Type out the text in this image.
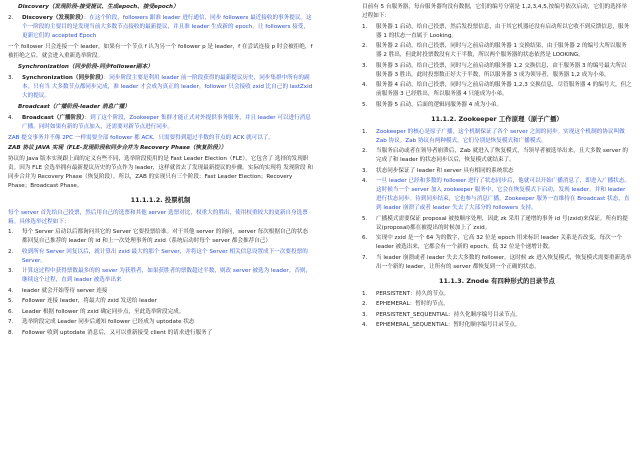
Discovery（发现阶段-接受提议、生成epoch、接受epoch）
2.	Discovery（发现阶段）：在这个阶段，followers 跟准 leader 进行通信，同步 followers 最近接收的事务提议。这个一阶段的主要目的是发现当前大多数节点接收的最新提议，并且准 leader 生成新的 epoch，让 followers 接受，更新它们的 accepted Epoch
一个 follower 只会连接一个 leader，如果有一个节点 f 认为另一个 follower p 是 leader，f 在尝试连接 p 时会被拒绝，f 被拒绝之后，就会进入重新选举阶段。
Synchronization（同步阶段-同步follower副本）
3.	Synchronization（同步阶段）：同步阶段主要是利用 leader 前一阶段获得的最新提议历史，同步集群中所有的副本。只有当 大多数节点都同步完成，准 leader 才会成为真正的 leader。follower 只会接收 zxid 比自己的 lastZxid 大的提议。
Broadcast（广播阶段-leader 消息广播）
4.	Broadcast（广播阶段）：到了这个阶段，Zookeeper 集群才能正式对外提供事务服务，并且 leader 可以进行消息广播。同时如果有新的节点加入，还需要对新节点进行同步。
ZAB 提交事务并不像 2PC 一样需要全部 follower 都 ACK，只需要得到超过半数的节点的 ACK 就可以了。
ZAB 协议 JAVA 实现（FLE-发现阶段和同步合并为 Recovery Phase（恢复阶段））
协议的 Java 版本实现跟上面的定义有些不同，选举阶段使用的是 Fast Leader Election（FLE），它包含了 选择的发现职责。因为 FLE 会选举拥有最新提议历史的节点作为 leader，这样就省去了发现最新提议的步骤。实际的实现将 发现阶段 和 同步合并为 Recovery Phase（恢复阶段）。所以，ZAB 的实现只有三个阶段：Fast Leader Election；Recovery Phase；Broadcast Phase。
11.1.1.2. 投票机制
每个 server 首先给自己投票，然后用自己的选票和其他 server 选票对比，权重大的胜出，使用权重较大的更新自身选票箱。具体选举过程如下：
1.	每个 Server 启动以后都询问其它的 Server 它要投票给谁。对于其他 server 的询问，server 每次根据自己的状态都回复自己推荐的 leader 的 id 和上一次处理事务的 zxid（系统启动时每个 server 都会推荐自己）
2.	收到所有 Server 回复以后，就计算出 zxid 最大的那个 Server，并将这个 Server 相关信息设置成下一次要投票的 Server。
3.	计算这过程中获得票数最多的的 sever 为获胜者，如果获胜者的票数超过半数，则改 server 被选为 leader。否则，继续这个过程，直到 leader 被选举出来
4.	leader 就会开始等待 server 连接
5.	Follower 连接 leader，将最大的 zxid 发送给 leader
6.	Leader 根据 follower 的 zxid 确定同步点，至此选举阶段完成。
7.	选举阶段完成 Leader 同步后通知 follower 已经成为 uptodate 状态
8.	Follower 收到 uptodate 消息后，又可以重新接受 client 的请求进行服务了
目前有 5 台服务器，每台服务器均没有数据，它们的编号分别是 1,2,3,4,5,按编号依次启动，它们的选择举过程如下：
1.	服务器 1 启动，给自己投票，然后发投票信息，由于其它机器还没有启动所以它收不到反馈信息，服务器 1 的状态一直属于 Looking。
2.	服务器 2 启动，给自己投票，同时与之前启动的服务器 1 交换结果，由于服务器 2 的编号大所以服务器 2 胜出，但此时投票数没有大于半数，所以两个服务器的状态依然是 LOOKING。
3.	服务器 3 启动，给自己投票，同时与之前启动的服务器 1,2 交换信息，由于服务器 3 的编号最大所以服务器 3 胜出，此时投票数正好大于半数，所以服务器 3 成为领导者，服务器 1,2 成为小弟。
4.	服务器 4 启动，给自己投票，同时与之前启动的服务器 1,2,3 交换信息，尽管服务器 4 的编号大，但之前服务器 3 已经胜出，所以服务器 4 只能成为小弟。
5.	服务器 5 启动，后面的逻辑同服务器 4 成为小弟。
11.1.2. Zookeeper 工作原理（原子广播）
1.	Zookeeper 的核心是原子广播，这个机制保证了各个 server 之间的同步。实现这个机制的协议叫做 Zab 协议。Zab 协议有两种模式，它们分别是恢复模式和广播模式。
2.	当服务启动或者在领导者崩溃后，Zab 就进入了恢复模式，当领导者被选举出来，且大多数 server 的完成了和 leader 的状态同步以后，恢复模式就结束了。
3.	状态同步保证了 leader 和 server 具有相同的系统状态
4.	一旦 leader 已经和多数的 follower 进行了状态同步后，他就可以开始广播消息了，即进入广播状态。这时候当一个 server 加入 zookeeper 服务中，它会在恢复模式下启动，发现 leader，并和 leader 进行状态同步。待到同步结束，它也参与消息广播。Zookeeper 服务一直维持在 Broadcast 状态，直到 leader 崩溃了或者 leader 失去了大部分的 followers 支持。
5.	广播模式需要保证 proposal 被按顺序处理，因此 zk 采用了递增的事务 id 号(zxid)来保证。所有的提议(proposal)都在被提出的时候加上了 zxid。
6.	实现中 zxid 是一个 64 为的数字，它高 32 位是 epoch 用来标识 leader 关系是否改变，每次一个 leader 被选出来，它都会有一个新的 epoch。低 32 位是个递增计数。
7.	当 leader 崩溃或者 leader 失去大多数的 follower，这时候 zk 进入恢复模式，恢复模式需要重新选举出一个新的 leader，让所有的 server 都恢复到一个正确的状态。
11.1.3. Znode 有四种形式的目录节点
1.	PERSISTENT：持久的节点。
2.	EPHEMERAL：暂时的节点。
3.	PERSISTENT_SEQUENTIAL：持久化顺序编号目录节点。
4.	EPHEMERAL_SEQUENTIAL：暂时化顺序编号目录节点。
